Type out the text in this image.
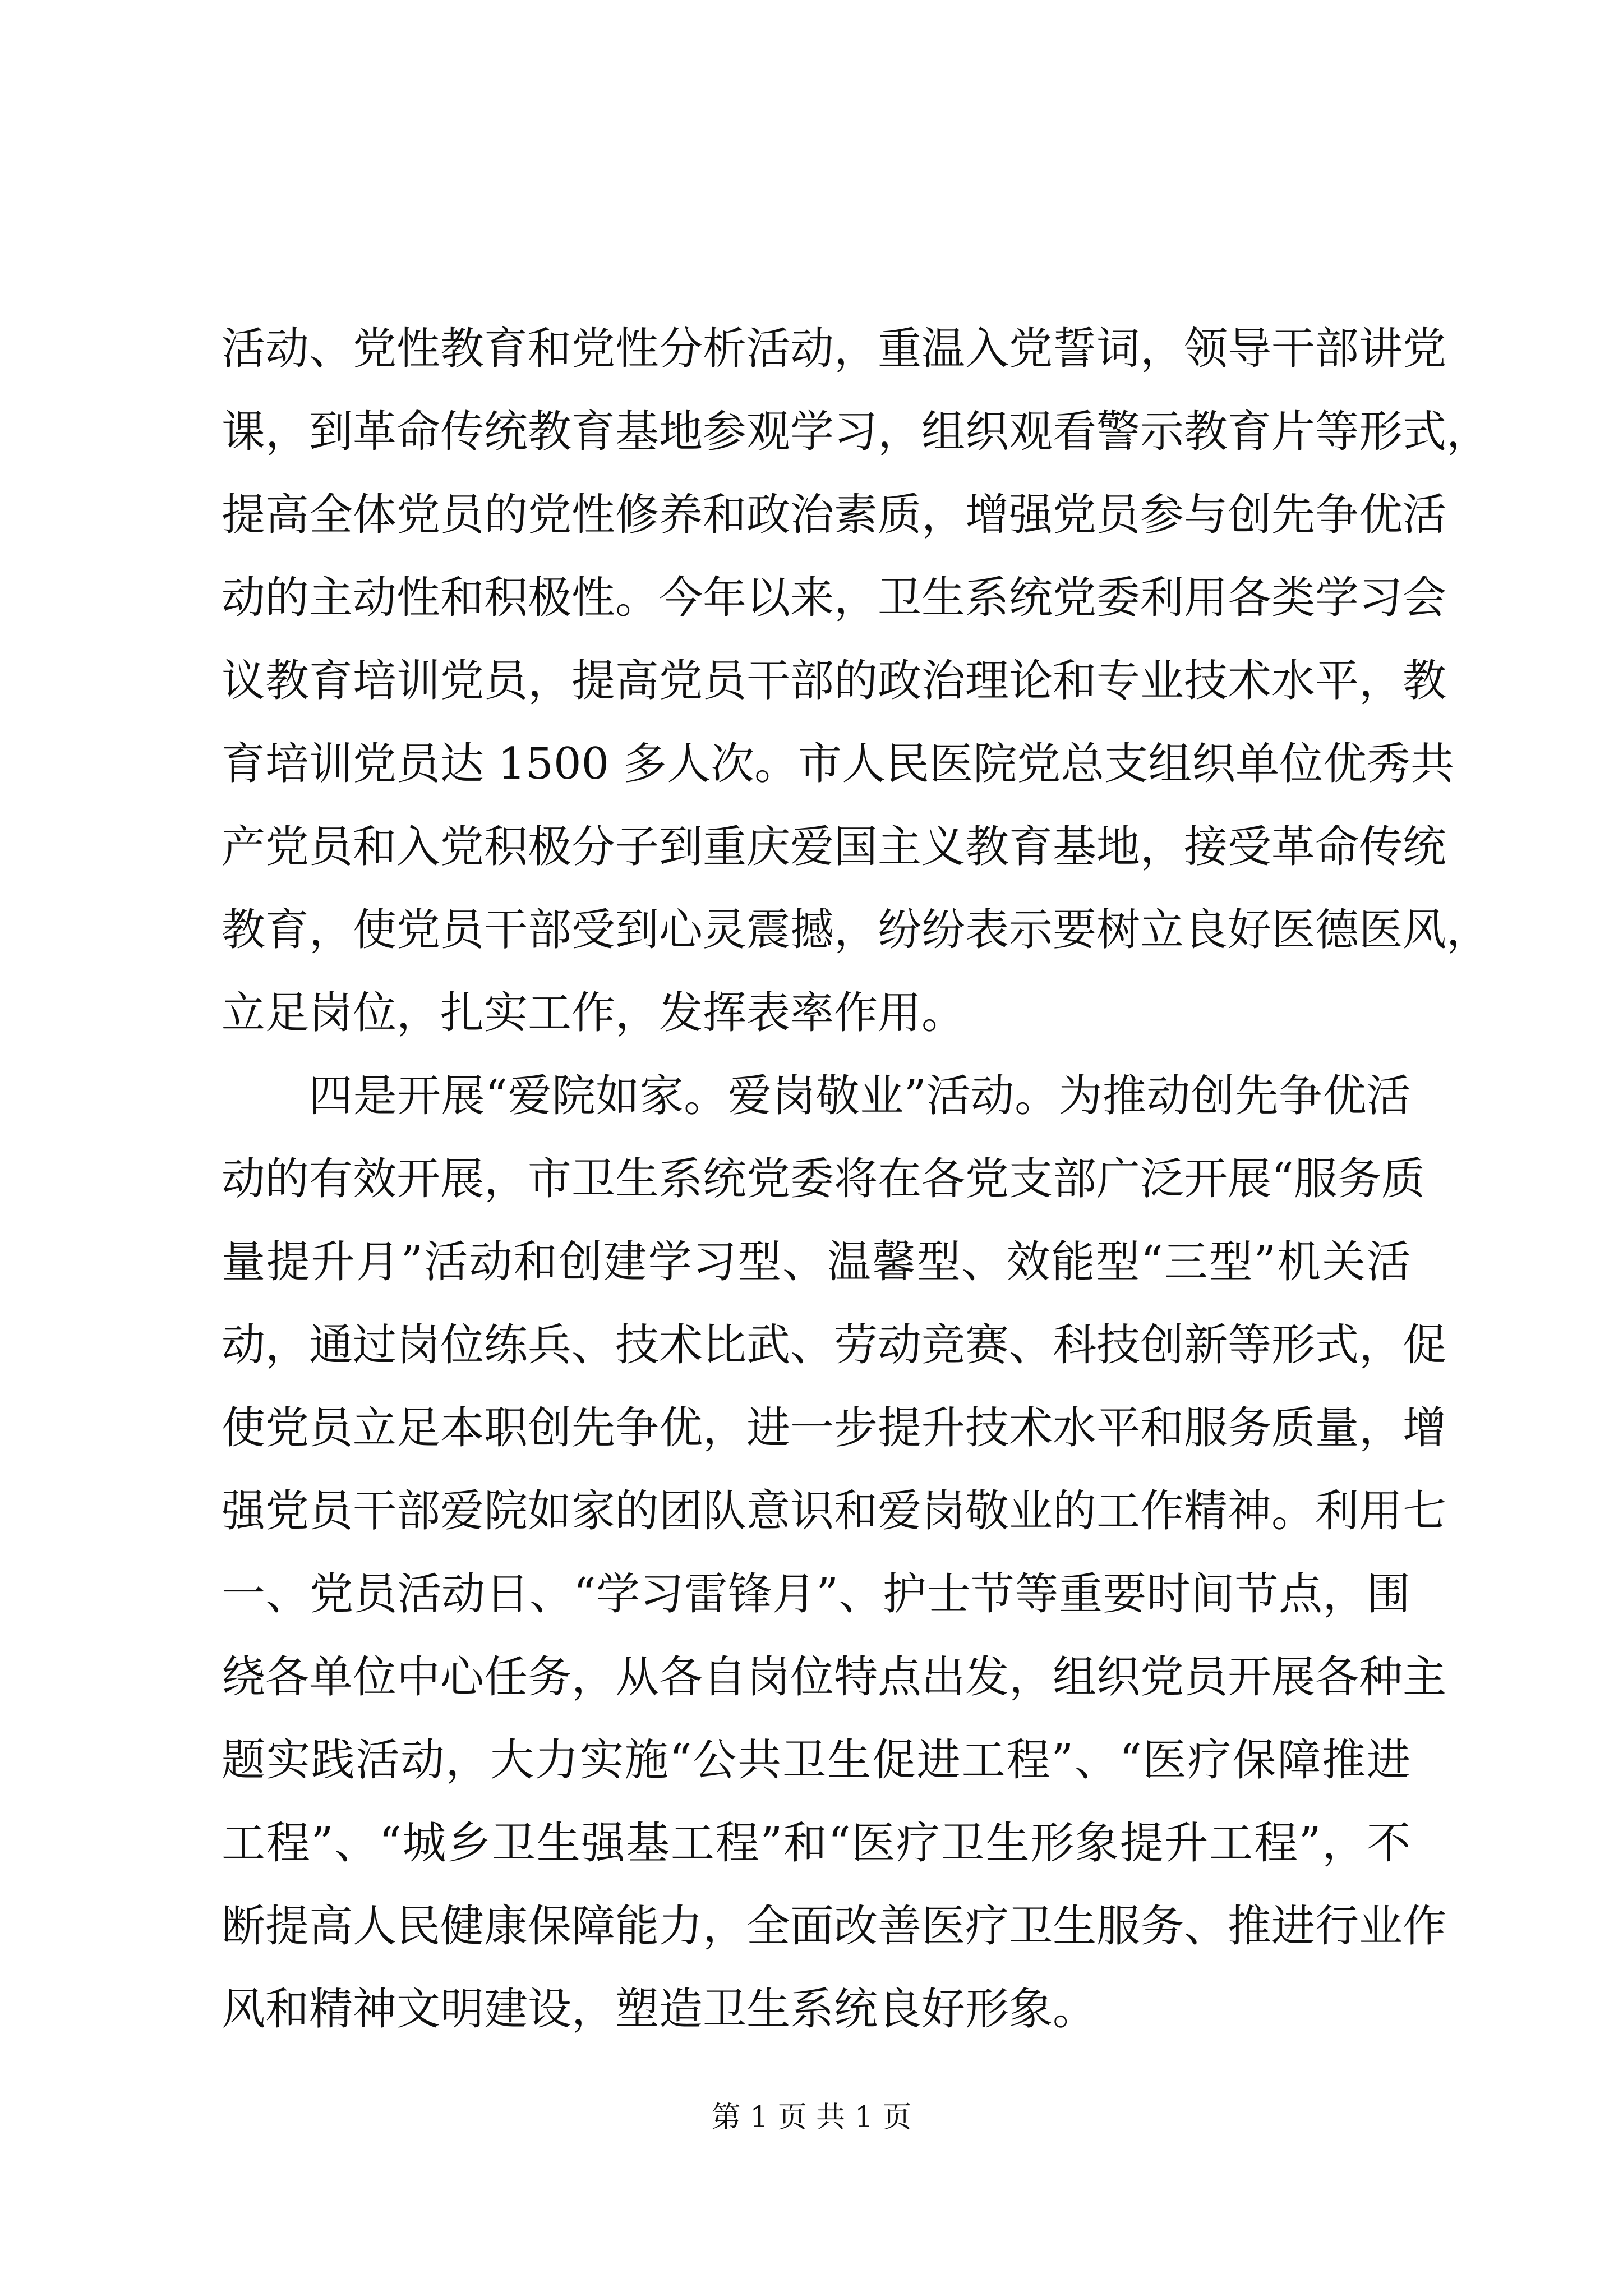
活动、党性教育和党性分析活动，重温入党誓词，领导干部讲党
课，到革命传统教育基地参观学习，组织观看警示教育片等形式，
提高全体党员的党性修养和政治素质，增强党员参与创先争优活
动的主动性和积极性。今年以来，卫生系统党委利用各类学习会
议教育培训党员，提高党员干部的政治理论和专业技术水平，教
育培训党员达 1500 多人次。市人民医院党总支组织单位优秀共
产党员和入党积极分子到重庆爱国主义教育基地，接受革命传统
教育，使党员干部受到心灵震撼，纷纷表示要树立良好医德医风，
立足岗位，扎实工作，发挥表率作用。
四是开展“爱院如家。爱岗敬业”活动。为推动创先争优活
动的有效开展，市卫生系统党委将在各党支部广泛开展“服务质
量提升月”活动和创建学习型、温馨型、效能型“三型”机关活
动，通过岗位练兵、技术比武、劳动竞赛、科技创新等形式，促
使党员立足本职创先争优，进一步提升技术水平和服务质量，增
强党员干部爱院如家的团队意识和爱岗敬业的工作精神。利用七
一、党员活动日、“学习雷锋月”、护士节等重要时间节点，围
绕各单位中心任务，从各自岗位特点出发，组织党员开展各种主
题实践活动，大力实施“公共卫生促进工程”、“医疗保障推进
工程”、“城乡卫生强基工程”和“医疗卫生形象提升工程”，不
断提高人民健康保障能力，全面改善医疗卫生服务、推进行业作
风和精神文明建设，塑造卫生系统良好形象。
第 1 页 共 1 页
